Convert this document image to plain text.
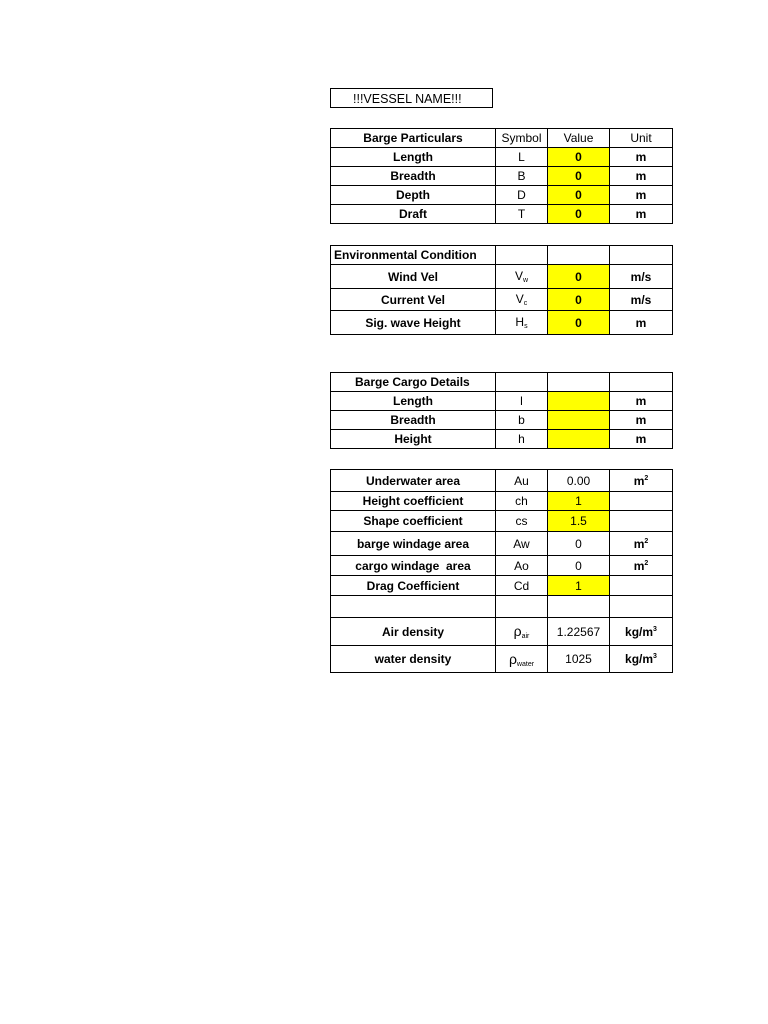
!!!VESSEL NAME!!!
Barge Particulars	Symbol	Value	Unit
Length	L	0	m
Breadth	B	0	m
Depth	D	0	m
Draft	T	0	m
Environmental Condition			
Wind Vel	$V_w$	0	m/s
Current Vel	$V_c$	0	m/s
Sig. wave Height	$H_s$	0	m
Barge Cargo Details			
Length	l		m
Breadth	b		m
Height	h		m
Underwater area	Au	0.00	$m^2$
Height coefficient	ch	1	
Shape coefficient	cs	1.5	
barge windage area	Aw	0	$m^2$
cargo windage  area	Ao	0	$m^2$
Drag Coefficient	Cd	1	

Air density	$\rho_{air}$	1.22567	$kg/m^3$
water density	$\rho_{water}$	1025	$kg/m^3$
